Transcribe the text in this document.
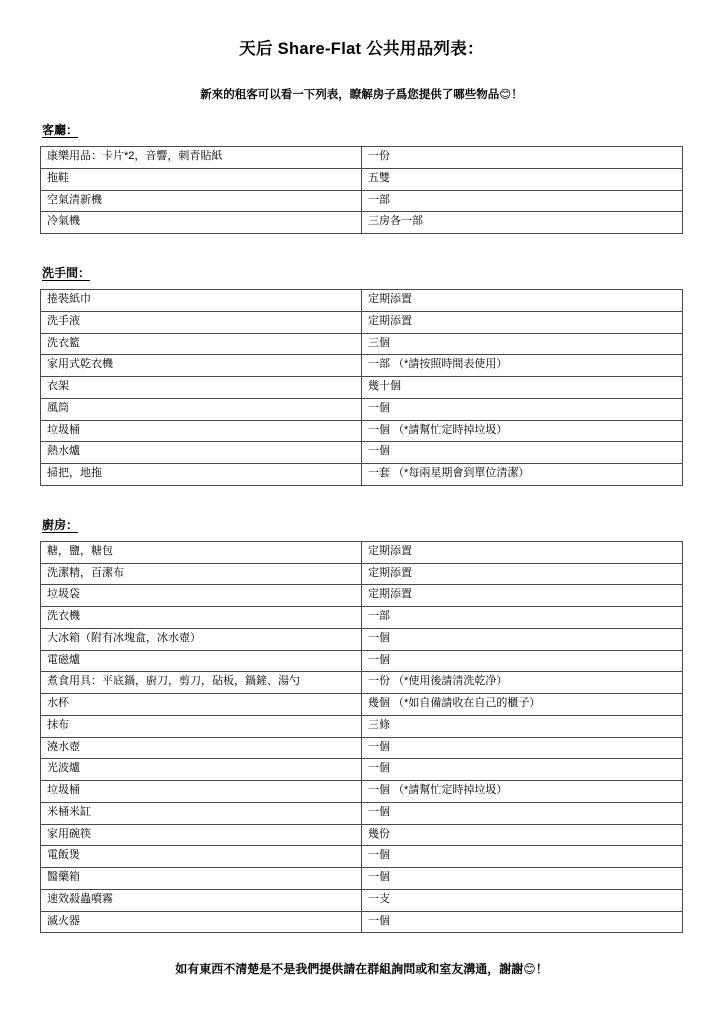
天后 Share-Flat 公共用品列表：
新來的租客可以看一下列表，瞭解房子爲您提供了哪些物品😊！
客廳：
康樂用品：卡片*2，音響，刺青貼紙	一份
拖鞋	五雙
空氣清新機	一部
冷氣機	三房各一部
洗手間：
捲裝紙巾	定期添置
洗手液	定期添置
洗衣籃	三個
家用式乾衣機	一部 （*請按照時間表使用）
衣架	幾十個
風筒	一個
垃圾桶	一個 （*請幫忙定時掉垃圾）
熱水爐	一個
掃把，地拖	一套 （*每兩星期會到單位清潔）
廚房：
糖，鹽，糖包	定期添置
洗潔精，百潔布	定期添置
垃圾袋	定期添置
洗衣機	一部
大冰箱（附有冰塊盒，冰水壺）	一個
電磁爐	一個
煮食用具：平底鍋，廚刀，剪刀，砧板，鍋鏟、湯勺	一份 （*使用後請清洗乾净）
水杯	幾個 （*如自備請收在自己的櫃子）
抹布	三條
澆水壺	一個
光波爐	一個
垃圾桶	一個 （*請幫忙定時掉垃圾）
米桶米缸	一個
家用碗筷	幾份
電飯煲	一個
醫藥箱	一個
速效殺蟲噴霧	一支
滅火器	一個
如有東西不清楚是不是我們提供請在群組詢問或和室友溝通，謝謝😊！
